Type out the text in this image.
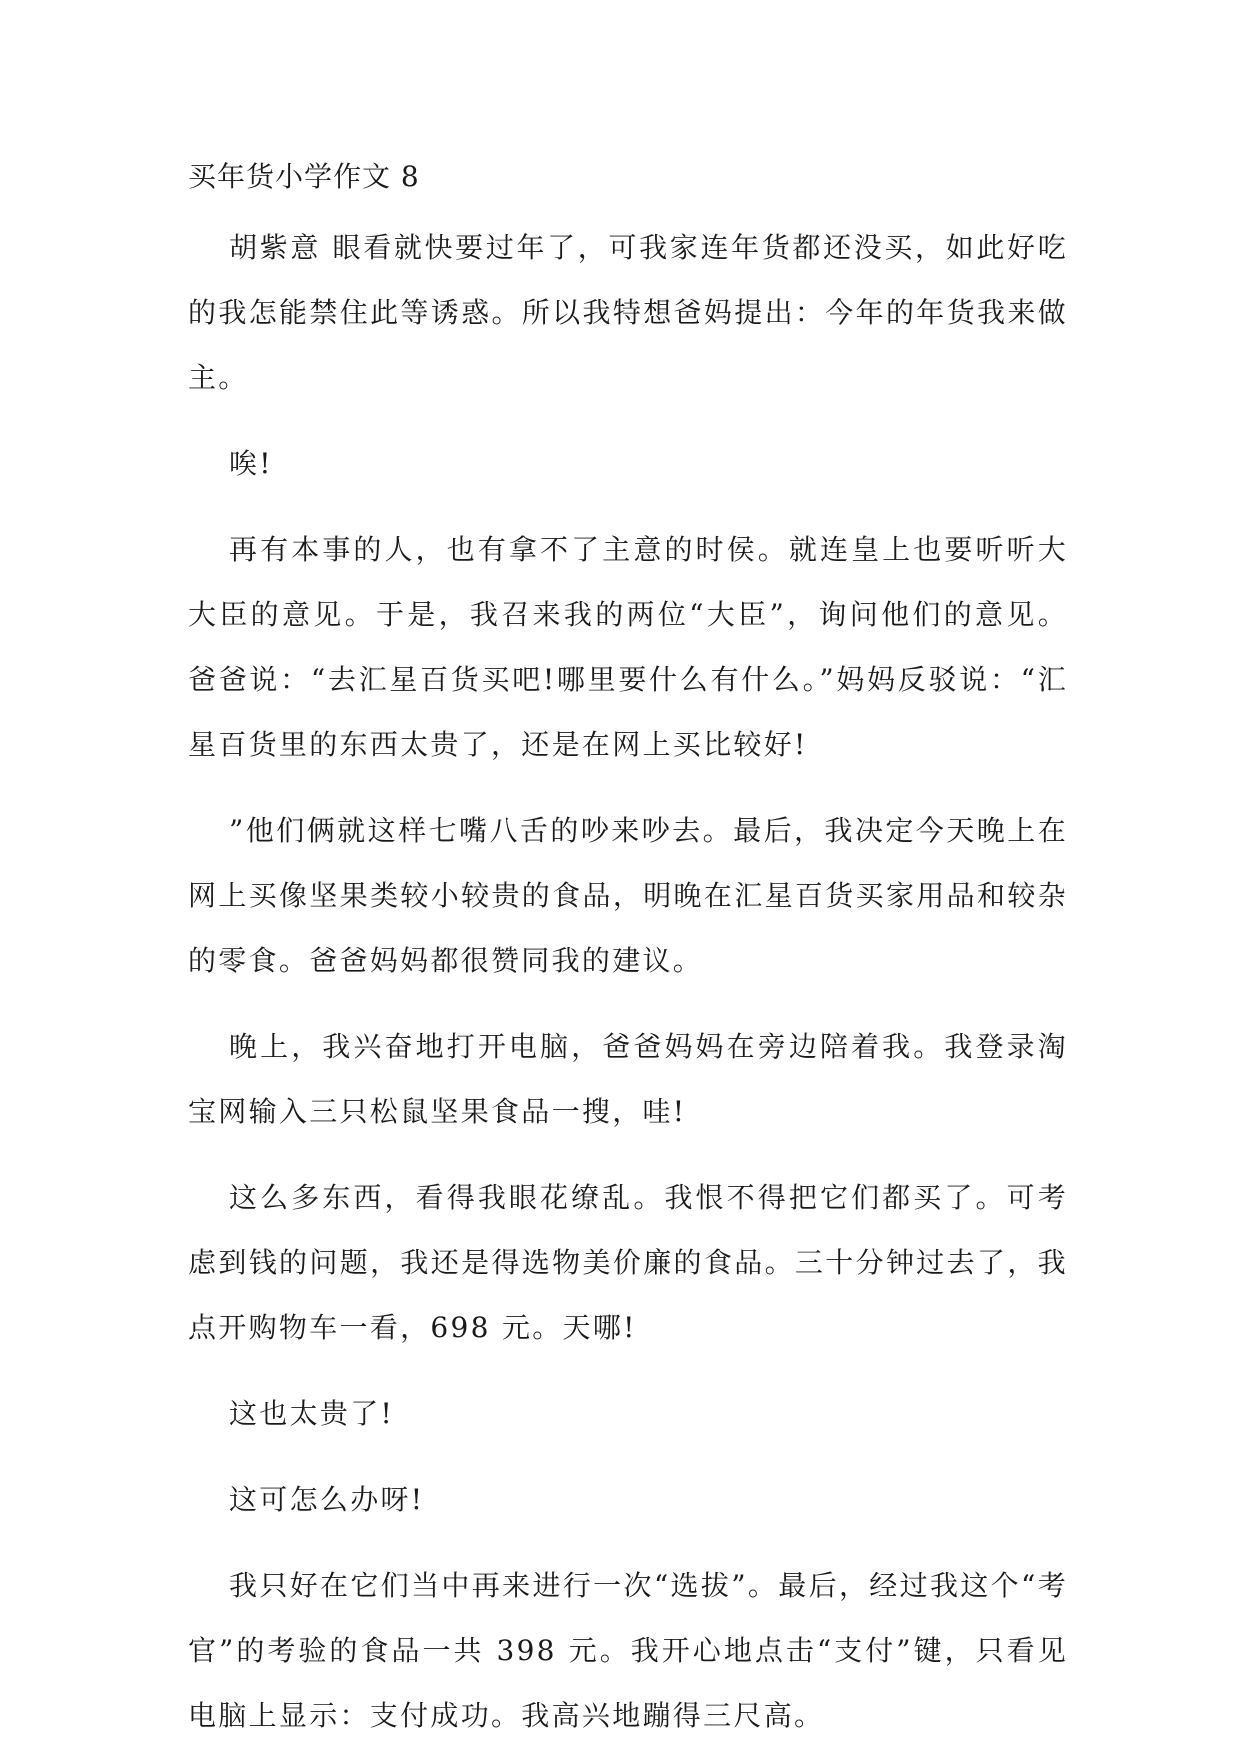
买年货小学作文 8

胡紫意 眼看就快要过年了，可我家连年货都还没买，如此好吃的我怎能禁住此等诱惑。所以我特想爸妈提出：今年的年货我来做主。

唉!

再有本事的人，也有拿不了主意的时侯。就连皇上也要听听大大臣的意见。于是，我召来我的两位“大臣”，询问他们的意见。爸爸说：“去汇星百货买吧!哪里要什么有什么。”妈妈反驳说：“汇星百货里的东西太贵了，还是在网上买比较好!

”他们俩就这样七嘴八舌的吵来吵去。最后，我决定今天晚上在网上买像坚果类较小较贵的食品，明晚在汇星百货买家用品和较杂的零食。爸爸妈妈都很赞同我的建议。

晚上，我兴奋地打开电脑，爸爸妈妈在旁边陪着我。我登录淘宝网输入三只松鼠坚果食品一搜，哇!

这么多东西，看得我眼花缭乱。我恨不得把它们都买了。可考虑到钱的问题，我还是得选物美价廉的食品。三十分钟过去了，我点开购物车一看，698 元。天哪!

这也太贵了!

这可怎么办呀!

我只好在它们当中再来进行一次“选拔”。最后，经过我这个“考官”的考验的食品一共 398 元。我开心地点击“支付”键，只看见电脑上显示：支付成功。我高兴地蹦得三尺高。
